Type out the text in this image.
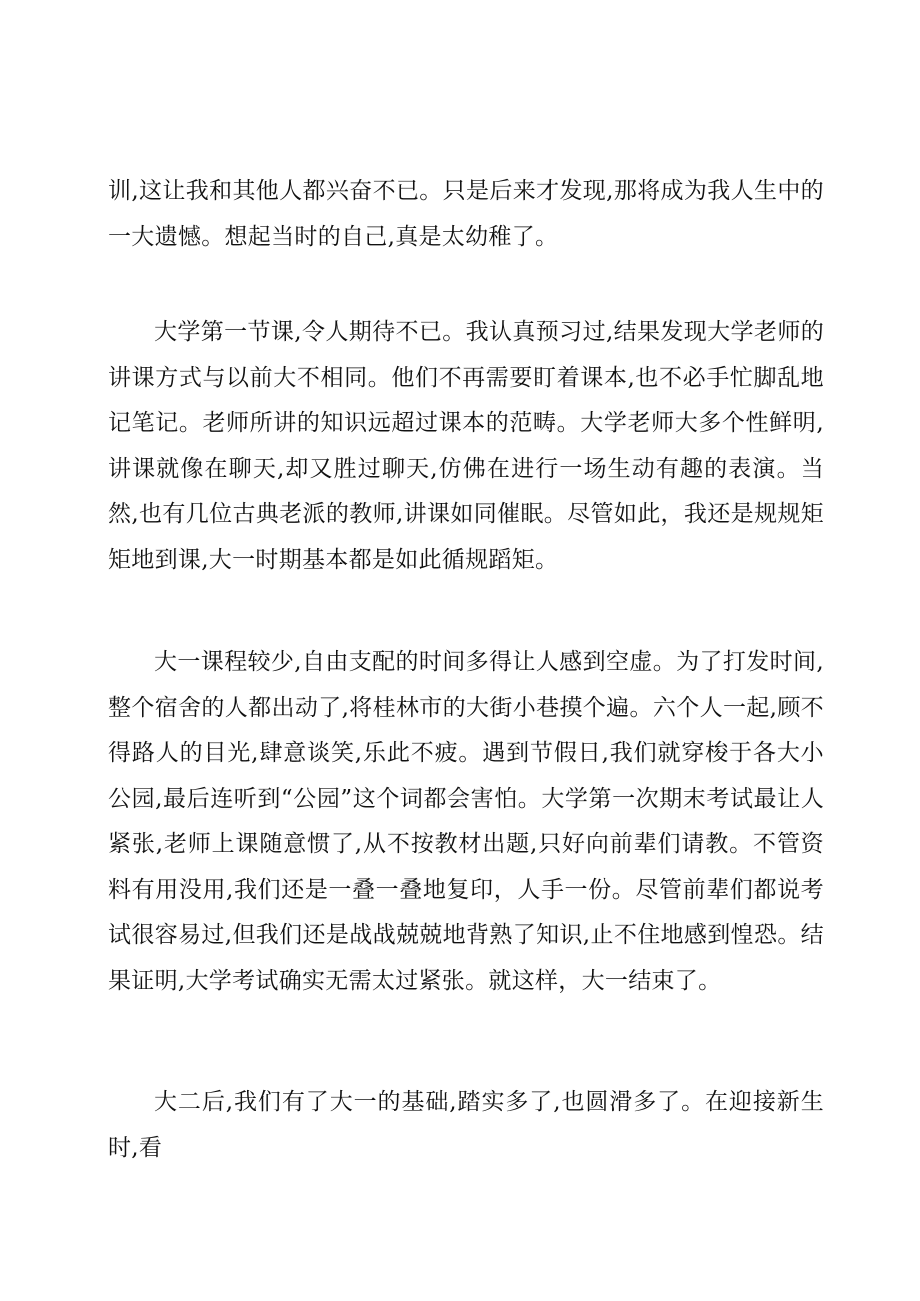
训,这让我和其他人都兴奋不已。只是后来才发现,那将成为我人生中的一大遗憾。想起当时的自己,真是太幼稚了。

大学第一节课,令人期待不已。我认真预习过,结果发现大学老师的讲课方式与以前大不相同。他们不再需要盯着课本,也不必手忙脚乱地记笔记。老师所讲的知识远超过课本的范畴。大学老师大多个性鲜明,讲课就像在聊天,却又胜过聊天,仿佛在进行一场生动有趣的表演。当然,也有几位古典老派的教师,讲课如同催眠。尽管如此，我还是规规矩矩地到课,大一时期基本都是如此循规蹈矩。

大一课程较少,自由支配的时间多得让人感到空虚。为了打发时间,整个宿舍的人都出动了,将桂林市的大街小巷摸个遍。六个人一起,顾不得路人的目光,肆意谈笑,乐此不疲。遇到节假日,我们就穿梭于各大小公园,最后连听到“公园”这个词都会害怕。大学第一次期末考试最让人紧张,老师上课随意惯了,从不按教材出题,只好向前辈们请教。不管资料有用没用,我们还是一叠一叠地复印，人手一份。尽管前辈们都说考试很容易过,但我们还是战战兢兢地背熟了知识,止不住地感到惶恐。结果证明,大学考试确实无需太过紧张。就这样，大一结束了。

大二后,我们有了大一的基础,踏实多了,也圆滑多了。在迎接新生时,看
